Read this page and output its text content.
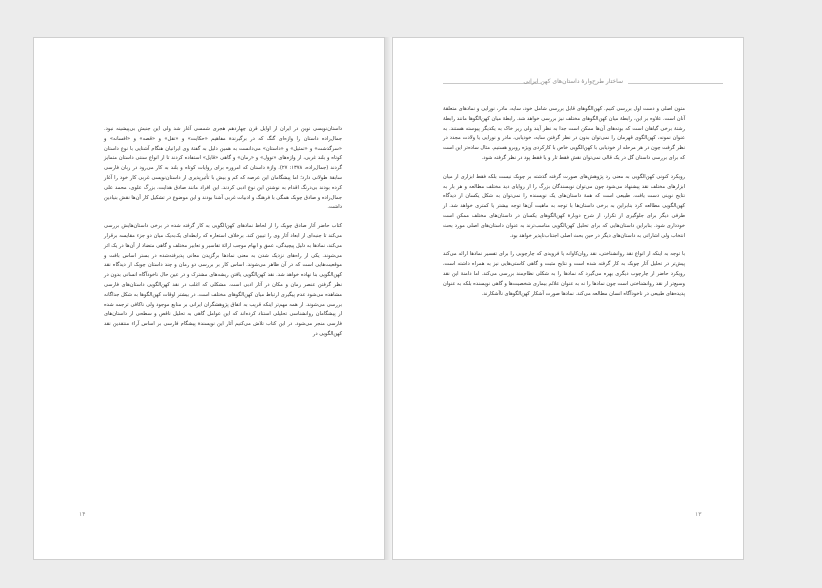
داستان‌نویسی نوین در ایران از اوایل قرن چهاردهم هجری شمسی آغاز شد ولی این جنبش بی‌پیشینه نبود. جمال‌زاده داستان را واژه‌ای گنگ که در برگیرندهٔ مفاهیم «حکایت» و «نقل» و «قصه» و «افسانه» و «سرگذشت» و «تمثیل» و «داستان» می‌دانست به همین دلیل به گفتهٔ وی ایرانیان هنگام آشنایی با نوع داستان کوتاه و بلند غربی، از واژه‌های «نوول» و «رمان» و گاهی «قایل» استفاده کردند تا از انواع سنتی داستان متمایز گردند (جمال‌زاده، ۱۳۷۸: ۲۷). واژهٔ داستان که امروزه برای روایات کوتاه و بلند به کار می‌رود در زبان فارسی سابقهٔ طولانی دارد؛ اما پیشگامان این عرصه که کم و بیش با تأثیرپذیری از داستان‌نویسی غربی کار خود را آغاز کرده بودند بی‌درنگ اقدام به نوشتن این نوع ادبی کردند. این افراد مانند صادق هدایت، بزرگ علوی، محمد علی جمال‌زاده و صادق چوبک همگی با فرهنگ و ادبیات غربی آشنا بودند و این موضوع در تشکیل کار آن‌ها نقش بنیادین داشت.

کتاب حاضر آثار صادق چوبک را از لحاظ نمادهای کهن‌الگویی به کار گرفته شده در برخی داستان‌هایش بررسی می‌کند تا جنبه‌ای از ابعاد آثار وی را تبیین کند. برخلاف استعاره که رابطه‌ای یک‌به‌یک میان دو جزء مقایسه برقرار می‌کند، نمادها به دلیل پیچیدگی، عمق و ابهام موجب ارائهٔ تفاسیر و تعابیر مختلف و گاهی متضاد از آن‌ها در یک اثر می‌شوند. یکی از راه‌های نزدیک شدن به معنی نمادها برگزیدن معانی پذیرفته‌شده در بستر اساس بافت و موقعیت‌هایی است که در آن ظاهر می‌شوند. اساس کار بر بررسی دو رمان و چند داستان چوبک از دیدگاه نقد کهن‌الگویی بنا نهاده خواهد شد. نقد کهن‌الگویی یافتن ریشه‌های مشترک و در عین حال ناخودآگاه انسانی بدون در نظر گرفتن عنصر زمان و مکان در آثار ادبی است. مشکلی که اغلب در نقد کهن‌الگویی داستان‌های فارسی مشاهده می‌شود عدم پیگیری ارتباط میان کهن‌الگوهای مختلف است. در بیشتر اوقات کهن‌الگوها به شکل جداگانه بررسی می‌شوند. از همه مهم‌تر اینکه قریب به اتفاق پژوهشگران ایرانی بر منابع موجود ولی ناکافی ترجمه شده از پیشگامان روانشناسی تحلیلی استناد کرده‌اند که این عوامل گاهی به تحلیل ناقص و سطحی از داستان‌های فارسی منجر می‌شود. در این کتاب تلاش می‌کنیم آثار این نویسندهٔ پیشگام فارسی بر اساس آراء منتقدین نقد کهن‌الگویی در

۱۴
ساختار طرح‌وارهٔ داستان‌های کهن ایرانی

متون اصلی و دست اول بررسی کنیم. کهن‌الگوهای قابل بررسی شامل خود، سایه، مادر، نوزایی و نمادهای متعلقهٔ آنان است. علاوه بر این، رابطهٔ میان کهن‌الگوهای مختلف نیز بررسی خواهد شد. رابطهٔ میان کهن‌الگوها مانند رابطهٔ رشتهٔ برخی گیاهان است که بوته‌های آن‌ها ممکن است جدا به نظر آیند ولی زیر خاک به یکدیگر پیوسته هستند. به عنوان نمونه، کهن‌الگوی قهرمان را نمی‌توان بدون در نظر گرفتن سایه، خودیابی، مادر و نوزایی یا ولادت مجدد در نظر گرفت چون در هر مرحله از خودیابی با کهن‌الگویی خاص با کارکردی ویژه روبرو هستیم. مثال ساده‌تر این است که برای بررسی داستان گل در یک قالی نمی‌توان نقش فقط تار و یا فقط پود در نظر گرفته شود.

رویکرد کنونی کهن‌الگویی به معنی رد پژوهش‌های صورت گرفته گذشته بر چوبک نیست بلکه فقط ابزاری از میان ابزارهای مختلف نقد پیشنهاد می‌شود چون می‌توان نویسندگان بزرگ را از زوایای دید مختلف مطالعه و هر بار به نتایج نوینی دست یافت. طبیعی است که همهٔ داستان‌های یک نویسنده را نمی‌توان به شکل یکسان از دیدگاه کهن‌الگویی مطالعه کرد بنابراین به برخی داستان‌ها با توجه به ماهیت آن‌ها توجه بیشتر یا کمتری خواهد شد. از طرفی دیگر برای جلوگیری از تکرار، از شرح دوبارهٔ کهن‌الگوهای یکسان در داستان‌های مختلف ممکن است خودداری شود. بنابراین داستان‌هایی که برای تحلیل کهن‌الگویی مناسب‌ترند به عنوان داستان‌های اصلی مورد بحث انتخاب ولی اشاراتی به داستان‌های دیگر در حین بحث اصلی اجتناب‌ناپذیر خواهد بود.

با توجه به اینکه از انواع نقد روانشناختی، نقد روان‌کاوانه یا فرویدی که چارچوبی را برای تفسیر نمادها ارائه می‌کند پیش‌تر در تحلیل آثار چوبک به کار گرفته شده است و نتایج مثبت و گاهی کاستی‌هایی نیز به همراه داشته است، رویکرد حاضر از چارچوب دیگری بهره می‌گیرد که نمادها را به شکلی نظام‌مند بررسی می‌کند. اما دامنهٔ این نقد وسیع‌تر از نقد روانشناختی است چون نمادها را نه به عنوان علائم بیماری شخصیت‌ها و گاهی نویسنده بلکه به عنوان پدیده‌های طبیعی در ناخودآگاه انسان مطالعه می‌کند. نمادها صورت آشکار کهن‌الگوهای ناآشکارند.

۱۳
